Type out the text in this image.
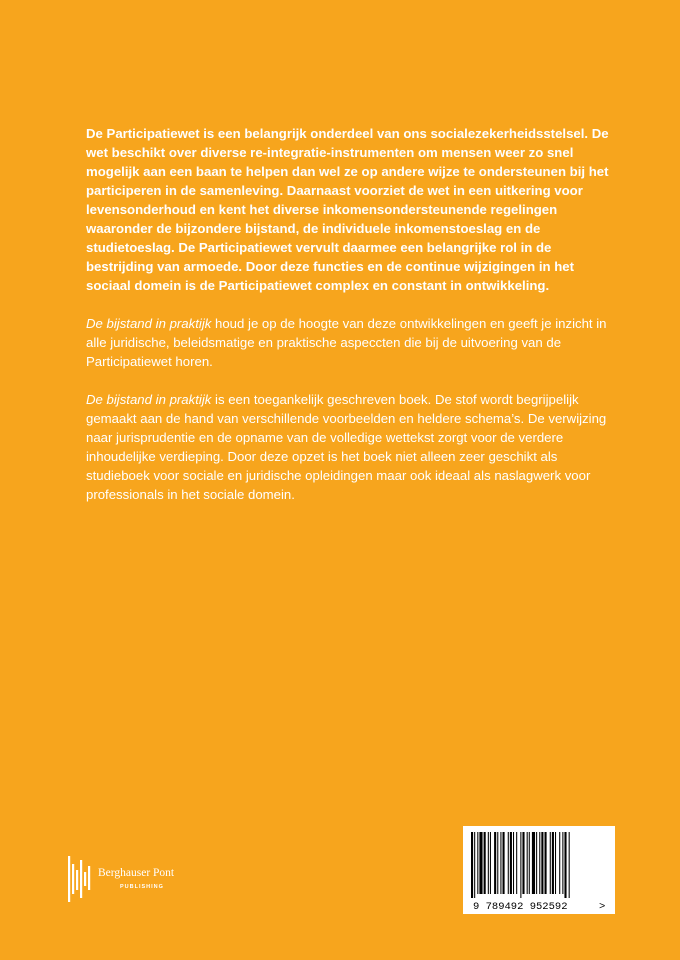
De Participatiewet is een belangrijk onderdeel van ons socialezekerheidsstelsel. De wet beschikt over diverse re-integratie-instrumenten om mensen weer zo snel mogelijk aan een baan te helpen dan wel ze op andere wijze te ondersteunen bij het participeren in de samenleving. Daarnaast voorziet de wet in een uitkering voor levensonderhoud en kent het diverse inkomensondersteunende regelingen waaronder de bijzondere bijstand, de individuele inkomenstoeslag en de studietoeslag. De Participatiewet vervult daarmee een belangrijke rol in de bestrijding van armoede. Door deze functies en de continue wijzigingen in het sociaal domein is de Participatiewet complex en constant in ontwikkeling.

De bijstand in praktijk houd je op de hoogte van deze ontwikkelingen en geeft je inzicht in alle juridische, beleidsmatige en praktische aspeccten die bij de uitvoering van de Participatiewet horen.

De bijstand in praktijk is een toegankelijk geschreven boek. De stof wordt begrijpelijk gemaakt aan de hand van verschillende voorbeelden en heldere schema’s. De verwijzing naar jurisprudentie en de opname van de volledige wettekst zorgt voor de verdere inhoudelijke verdieping. Door deze opzet is het boek niet alleen zeer geschikt als studieboek voor sociale en juridische opleidingen maar ook ideaal als naslagwerk voor professionals in het sociale domein.

Berghauser Pont
PUBLISHING
9 789492 952592	>
